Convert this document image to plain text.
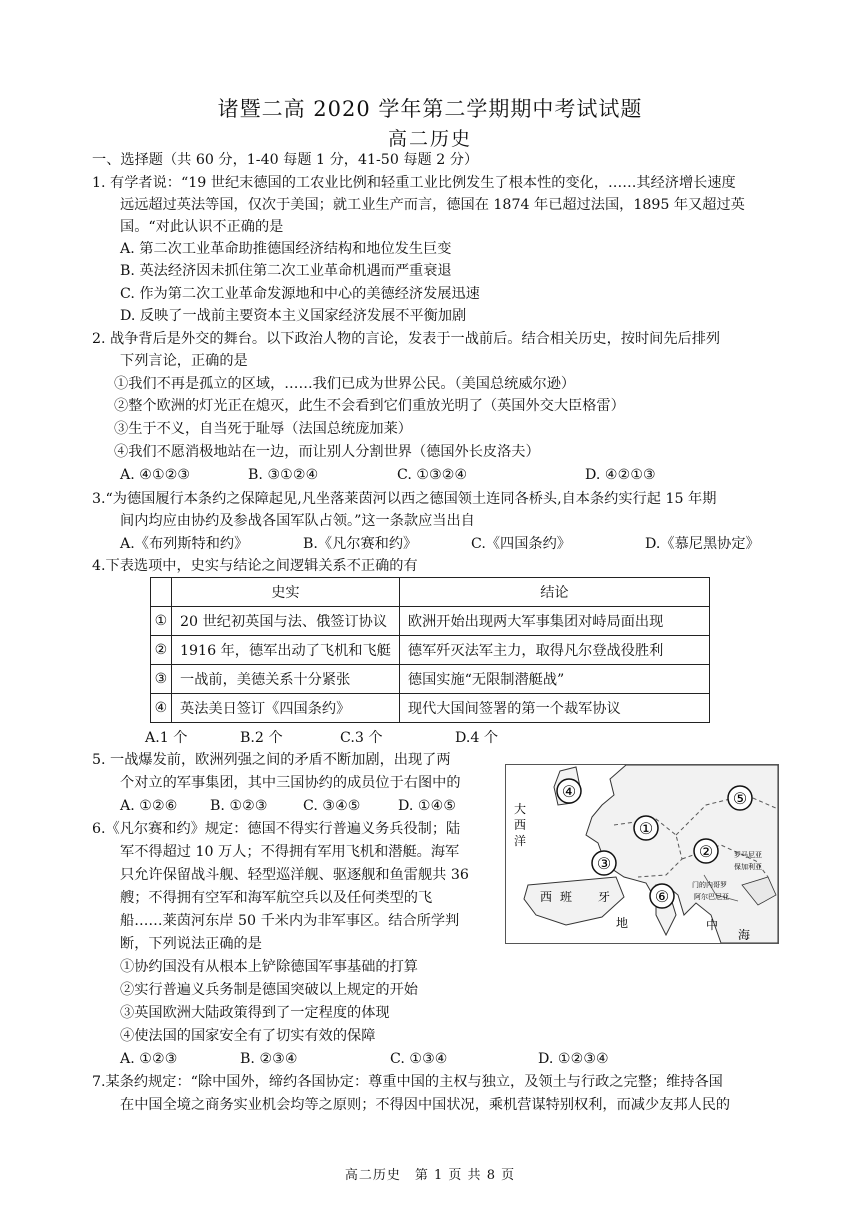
诸暨二高 2020 学年第二学期期中考试试题
高二历史
一、选择题（共 60 分，1-40 每题 1 分，41-50 每题 2 分）
1. 有学者说：“19 世纪末德国的工农业比例和轻重工业比例发生了根本性的变化，……其经济增长速度
远远超过英法等国，仅次于美国；就工业生产而言，德国在 1874 年已超过法国，1895 年又超过英
国。“对此认识不正确的是
A. 第二次工业革命助推德国经济结构和地位发生巨变
B. 英法经济因未抓住第二次工业革命机遇而严重衰退
C. 作为第二次工业革命发源地和中心的美德经济发展迅速
D. 反映了一战前主要资本主义国家经济发展不平衡加剧
2. 战争背后是外交的舞台。以下政治人物的言论，发表于一战前后。结合相关历史，按时间先后排列
下列言论，正确的是
①我们不再是孤立的区域，……我们已成为世界公民。（美国总统威尔逊）
②整个欧洲的灯光正在熄灭，此生不会看到它们重放光明了（英国外交大臣格雷）
③生于不义，自当死于耻辱（法国总统庞加莱）
④我们不愿消极地站在一边，而让别人分割世界（德国外长皮洛夫）
A. ④①②③	B. ③①②④	C. ①③②④	D. ④②①③
3.“为德国履行本条约之保障起见,凡坐落莱茵河以西之德国领土连同各桥头,自本条约实行起 15 年期
间内均应由协约及参战各国军队占领。”这一条款应当出自
A.《布列斯特和约》	B.《凡尔赛和约》	C.《四国条约》	D.《慕尼黑协定》
4.下表选项中，史实与结论之间逻辑关系不正确的有
	史实	结论
①	20 世纪初英国与法、俄签订协议	欧洲开始出现两大军事集团对峙局面出现
②	1916 年，德军出动了飞机和飞艇	德军歼灭法军主力，取得凡尔登战役胜利
③	一战前，美德关系十分紧张	德国实施“无限制潜艇战”
④	英法美日签订《四国条约》	现代大国间签署的第一个裁军协议
A.1 个	B.2 个	C.3 个	D.4 个
5. 一战爆发前，欧洲列强之间的矛盾不断加剧，出现了两
个对立的军事集团，其中三国协约的成员位于右图中的
A. ①②⑥ B. ①②③ C. ③④⑤	D. ①④⑤
④	⑤
①
②
③
⑥
大
西
洋
西 班 牙
地	中
海
罗马尼亚
保加利亚
门的内哥罗
阿尔巴尼亚
6.《凡尔赛和约》规定：德国不得实行普遍义务兵役制；陆
军不得超过 10 万人；不得拥有军用飞机和潜艇。海军
只允许保留战斗舰、轻型巡洋舰、驱逐舰和鱼雷舰共 36
艘；不得拥有空军和海军航空兵以及任何类型的飞
船……莱茵河东岸 50 千米内为非军事区。结合所学判
断，下列说法正确的是
①协约国没有从根本上铲除德国军事基础的打算
②实行普遍义兵务制是德国突破以上规定的开始
③英国欧洲大陆政策得到了一定程度的体现
④使法国的国家安全有了切实有效的保障
A. ①②③	B. ②③④	C. ①③④	D. ①②③④
7.某条约规定：“除中国外，缔约各国协定：尊重中国的主权与独立，及领土与行政之完整；维持各国
在中国全境之商务实业机会均等之原则；不得因中国状况，乘机营谋特别权利，而减少友邦人民的
高二历史　第 1 页 共 8 页
